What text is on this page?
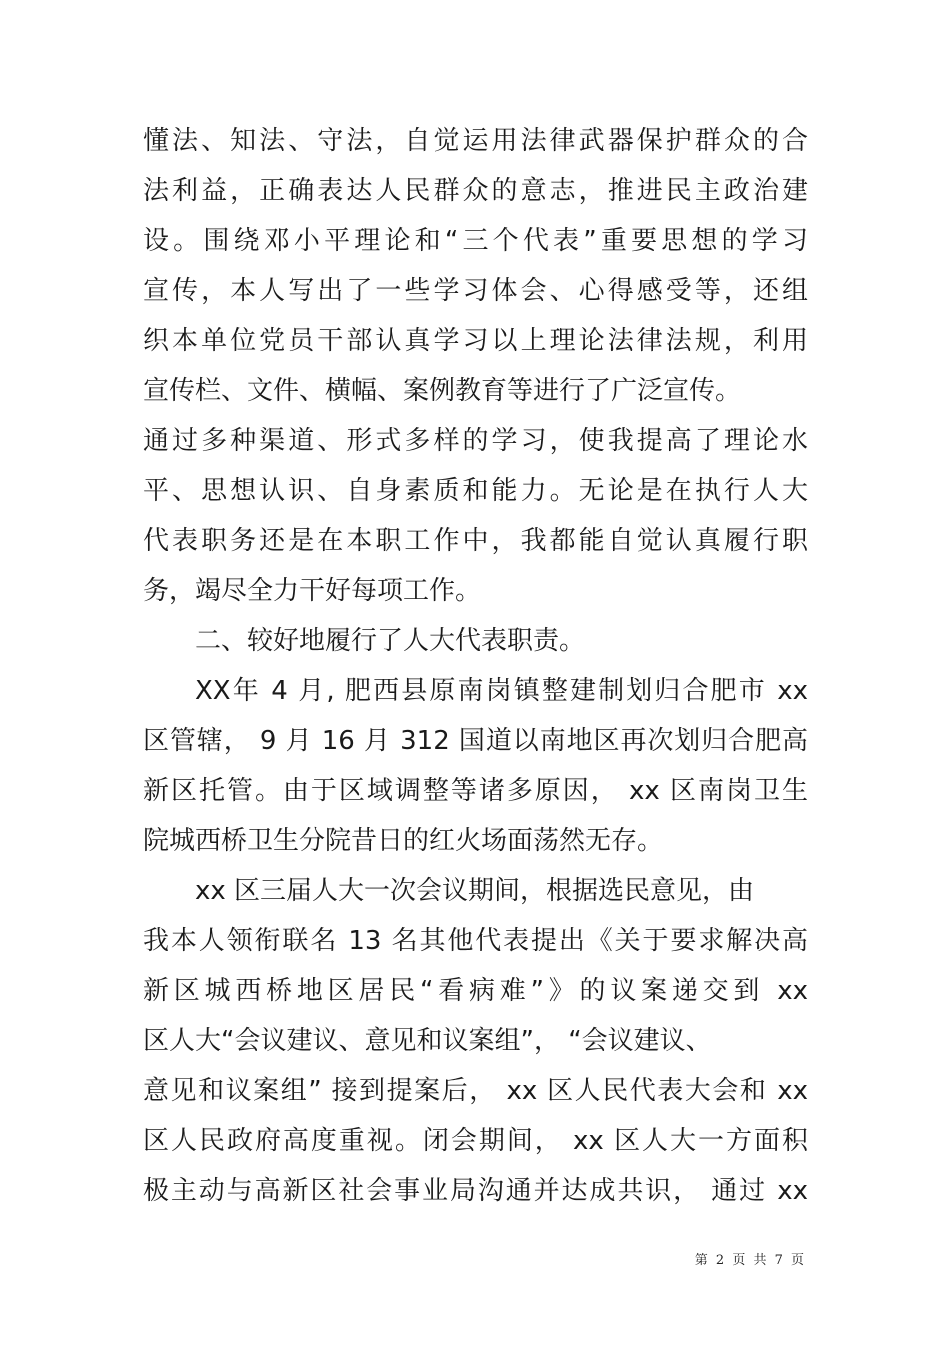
懂法、知法、守法，自觉运用法律武器保护群众的合
法利益，正确表达人民群众的意志，推进民主政治建
设。围绕邓小平理论和“三个代表”重要思想的学习
宣传，本人写出了一些学习体会、心得感受等，还组
织本单位党员干部认真学习以上理论法律法规，利用
宣传栏、文件、横幅、案例教育等进行了广泛宣传。
通过多种渠道、形式多样的学习，使我提高了理论水
平、思想认识、自身素质和能力。无论是在执行人大
代表职务还是在本职工作中，我都能自觉认真履行职
务，竭尽全力干好每项工作。
二、较好地履行了人大代表职责。
XX年 4 月, 肥西县原南岗镇整建制划归合肥市 xx
区管辖， 9 月 16 月 312 国道以南地区再次划归合肥高
新区托管。由于区域调整等诸多原因， xx 区南岗卫生
院城西桥卫生分院昔日的红火场面荡然无存。
xx 区三届人大一次会议期间，根据选民意见，由
我本人领衔联名 13 名其他代表提出《关于要求解决高
新区城西桥地区居民“看病难”》的议案递交到 xx
区人大“会议建议、意见和议案组”， “会议建议、
意见和议案组” 接到提案后， xx 区人民代表大会和 xx
区人民政府高度重视。闭会期间， xx 区人大一方面积
极主动与高新区社会事业局沟通并达成共识， 通过 xx
第 2 页 共 7 页
